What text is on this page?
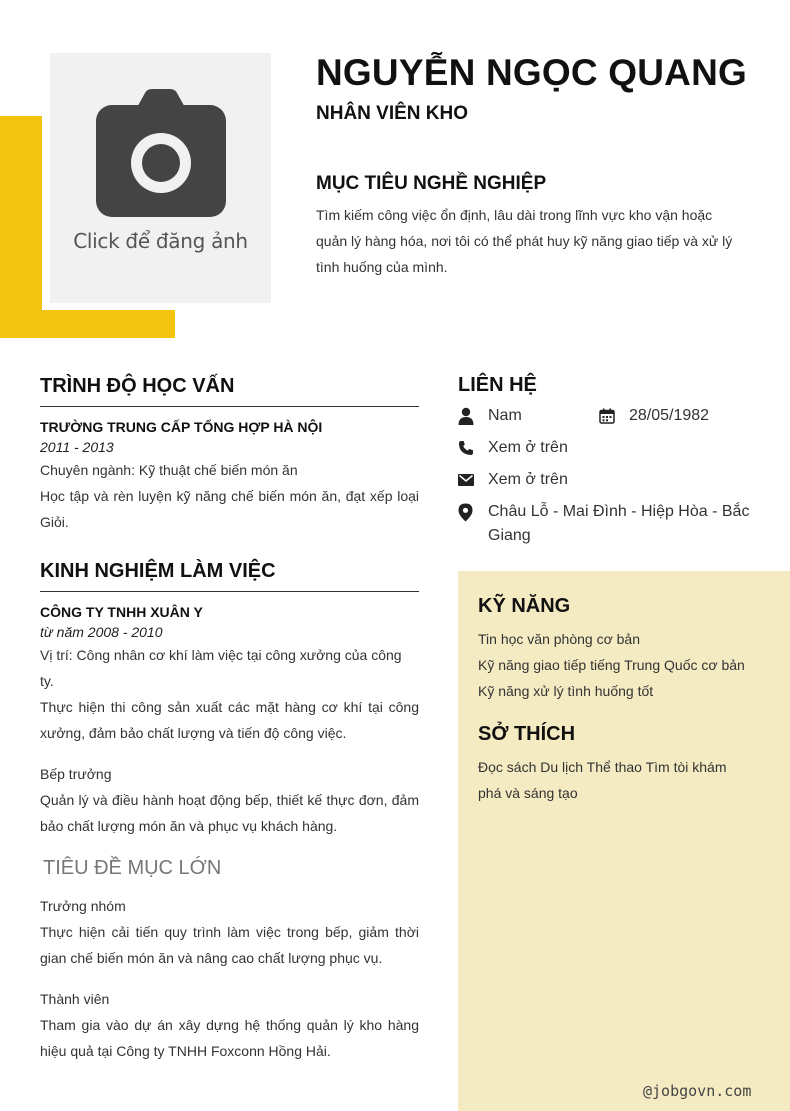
Click để đăng ảnh
NGUYỄN NGỌC QUANG
NHÂN VIÊN KHO
MỤC TIÊU NGHỀ NGHIỆP
Tìm kiếm công việc ổn định, lâu dài trong lĩnh vực kho vận hoặc quản lý hàng hóa, nơi tôi có thể phát huy kỹ năng giao tiếp và xử lý tình huống của mình.
TRÌNH ĐỘ HỌC VẤN
TRƯỜNG TRUNG CẤP TỔNG HỢP HÀ NỘI
2011 - 2013
Chuyên ngành: Kỹ thuật chế biến món ăn
Học tập và rèn luyện kỹ năng chế biến món ăn, đạt xếp loại Giỏi.
KINH NGHIỆM LÀM VIỆC
CÔNG TY TNHH XUÂN Y
từ năm 2008 - 2010
Vị trí: Công nhân cơ khí làm việc tại công xưởng của công ty.
Thực hiện thi công sản xuất các mặt hàng cơ khí tại công xưởng, đảm bảo chất lượng và tiến độ công việc.
Bếp trưởng
Quản lý và điều hành hoạt động bếp, thiết kế thực đơn, đảm bảo chất lượng món ăn và phục vụ khách hàng.
TIÊU ĐỀ MỤC LỚN
Trưởng nhóm
Thực hiện cải tiến quy trình làm việc trong bếp, giảm thời gian chế biến món ăn và nâng cao chất lượng phục vụ.
Thành viên
Tham gia vào dự án xây dựng hệ thống quản lý kho hàng hiệu quả tại Công ty TNHH Foxconn Hồng Hải.
LIÊN HỆ
Nam	28/05/1982
Xem ở trên
Xem ở trên
Châu Lỗ - Mai Đình - Hiệp Hòa - Bắc Giang
KỸ NĂNG
Tin học văn phòng cơ bản
Kỹ năng giao tiếp tiếng Trung Quốc cơ bản
Kỹ năng xử lý tình huống tốt
SỞ THÍCH
Đọc sách Du lịch Thể thao Tìm tòi khám phá và sáng tạo
@jobgovn.com
